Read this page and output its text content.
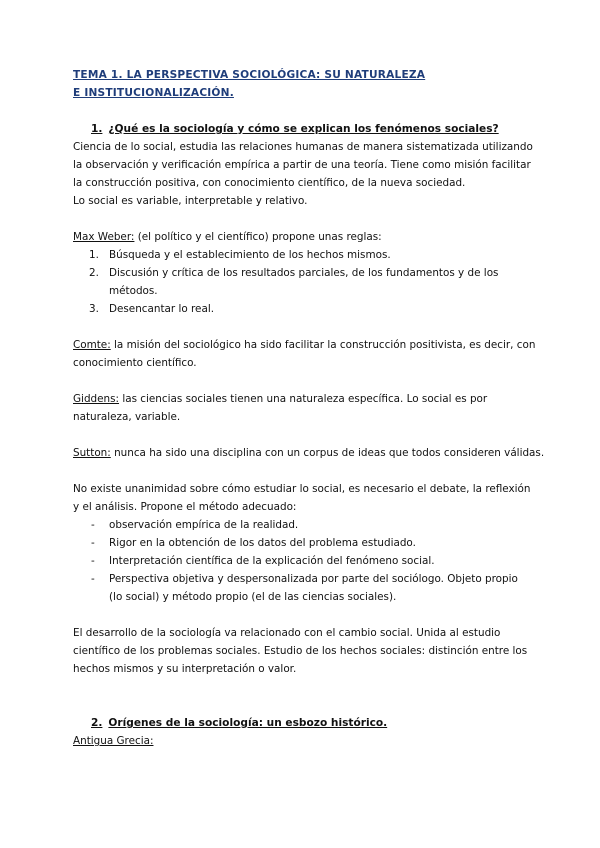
TEMA 1. LA PERSPECTIVA SOCIOLÓGICA: SU NATURALEZA E INSTITUCIONALIZACIÓN.

1. ¿Qué es la sociología y cómo se explican los fenómenos sociales?

Ciencia de lo social, estudia las relaciones humanas de manera sistematizada utilizando

la observación y verificación empírica a partir de una teoría. Tiene como misión facilitar

la construcción positiva, con conocimiento científico, de la nueva sociedad.

Lo social es variable, interpretable y relativo.

Max Weber: (el político y el científico) propone unas reglas:

1. Búsqueda y el establecimiento de los hechos mismos.
2. Discusión y crítica de los resultados parciales, de los fundamentos y de los
métodos.
3. Desencantar lo real.

Comte: la misión del sociológico ha sido facilitar la construcción positivista, es decir, con
conocimiento científico.

Giddens: las ciencias sociales tienen una naturaleza específica. Lo social es por
naturaleza, variable.

Sutton: nunca ha sido una disciplina con un corpus de ideas que todos consideren válidas.

No existe unanimidad sobre cómo estudiar lo social, es necesario el debate, la reflexión
y el análisis. Propone el método adecuado:

- observación empírica de la realidad.
- Rigor en la obtención de los datos del problema estudiado.
- Interpretación científica de la explicación del fenómeno social.
- Perspectiva objetiva y despersonalizada por parte del sociólogo. Objeto propio
(lo social) y método propio (el de las ciencias sociales).

El desarrollo de la sociología va relacionado con el cambio social. Unida al estudio

científico de los problemas sociales. Estudio de los hechos sociales: distinción entre los

hechos mismos y su interpretación o valor.

2. Orígenes de la sociología: un esbozo histórico.

Antigua Grecia:
